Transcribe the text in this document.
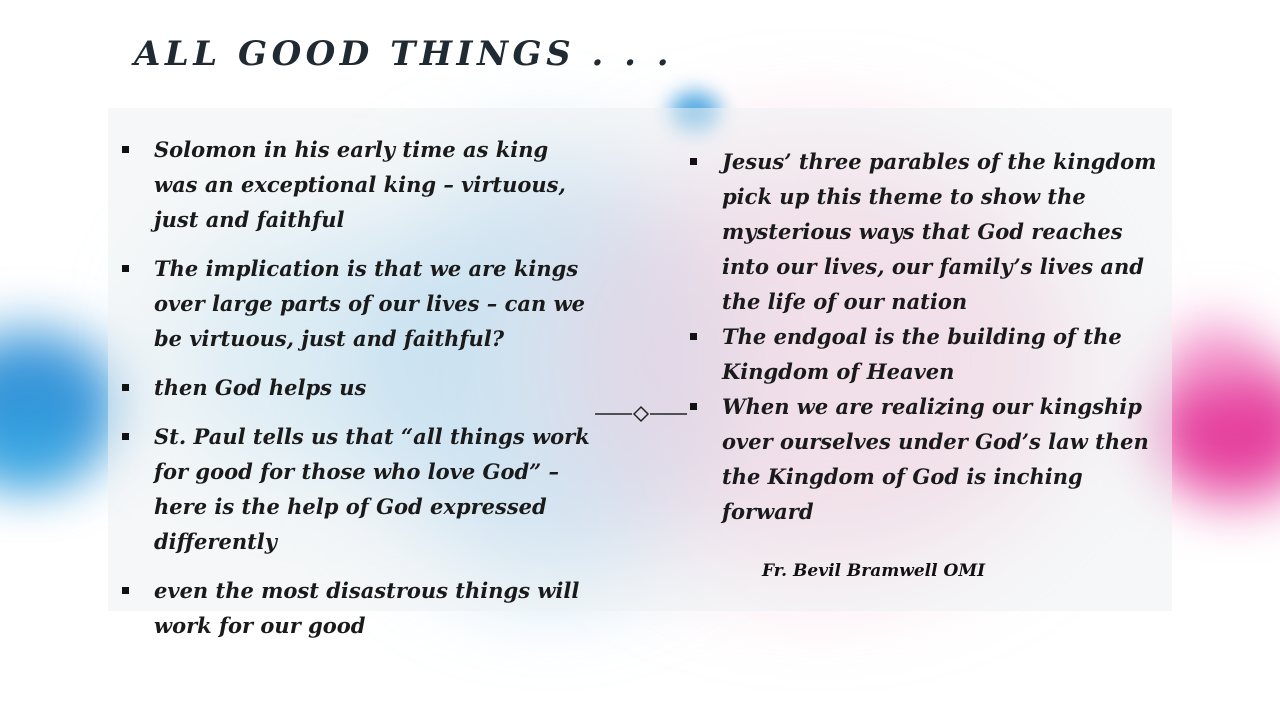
ALL GOOD THINGS . . .
Solomon in his early time as king was an exceptional king – virtuous, just and faithful
The implication is that we are kings over large parts of our lives – can we be virtuous, just and faithful?
then God helps us
St. Paul tells us that “all things work for good for those who love God” – here is the help of God expressed differently
even the most disastrous things will work for our good
Jesus’ three parables of the kingdom pick up this theme to show the mysterious ways that God reaches into our lives, our family’s lives and the life of our nation
The endgoal is the building of the Kingdom of Heaven
When we are realizing our kingship over ourselves under God’s law then the Kingdom of God is inching forward

Fr. Bevil Bramwell OMI
